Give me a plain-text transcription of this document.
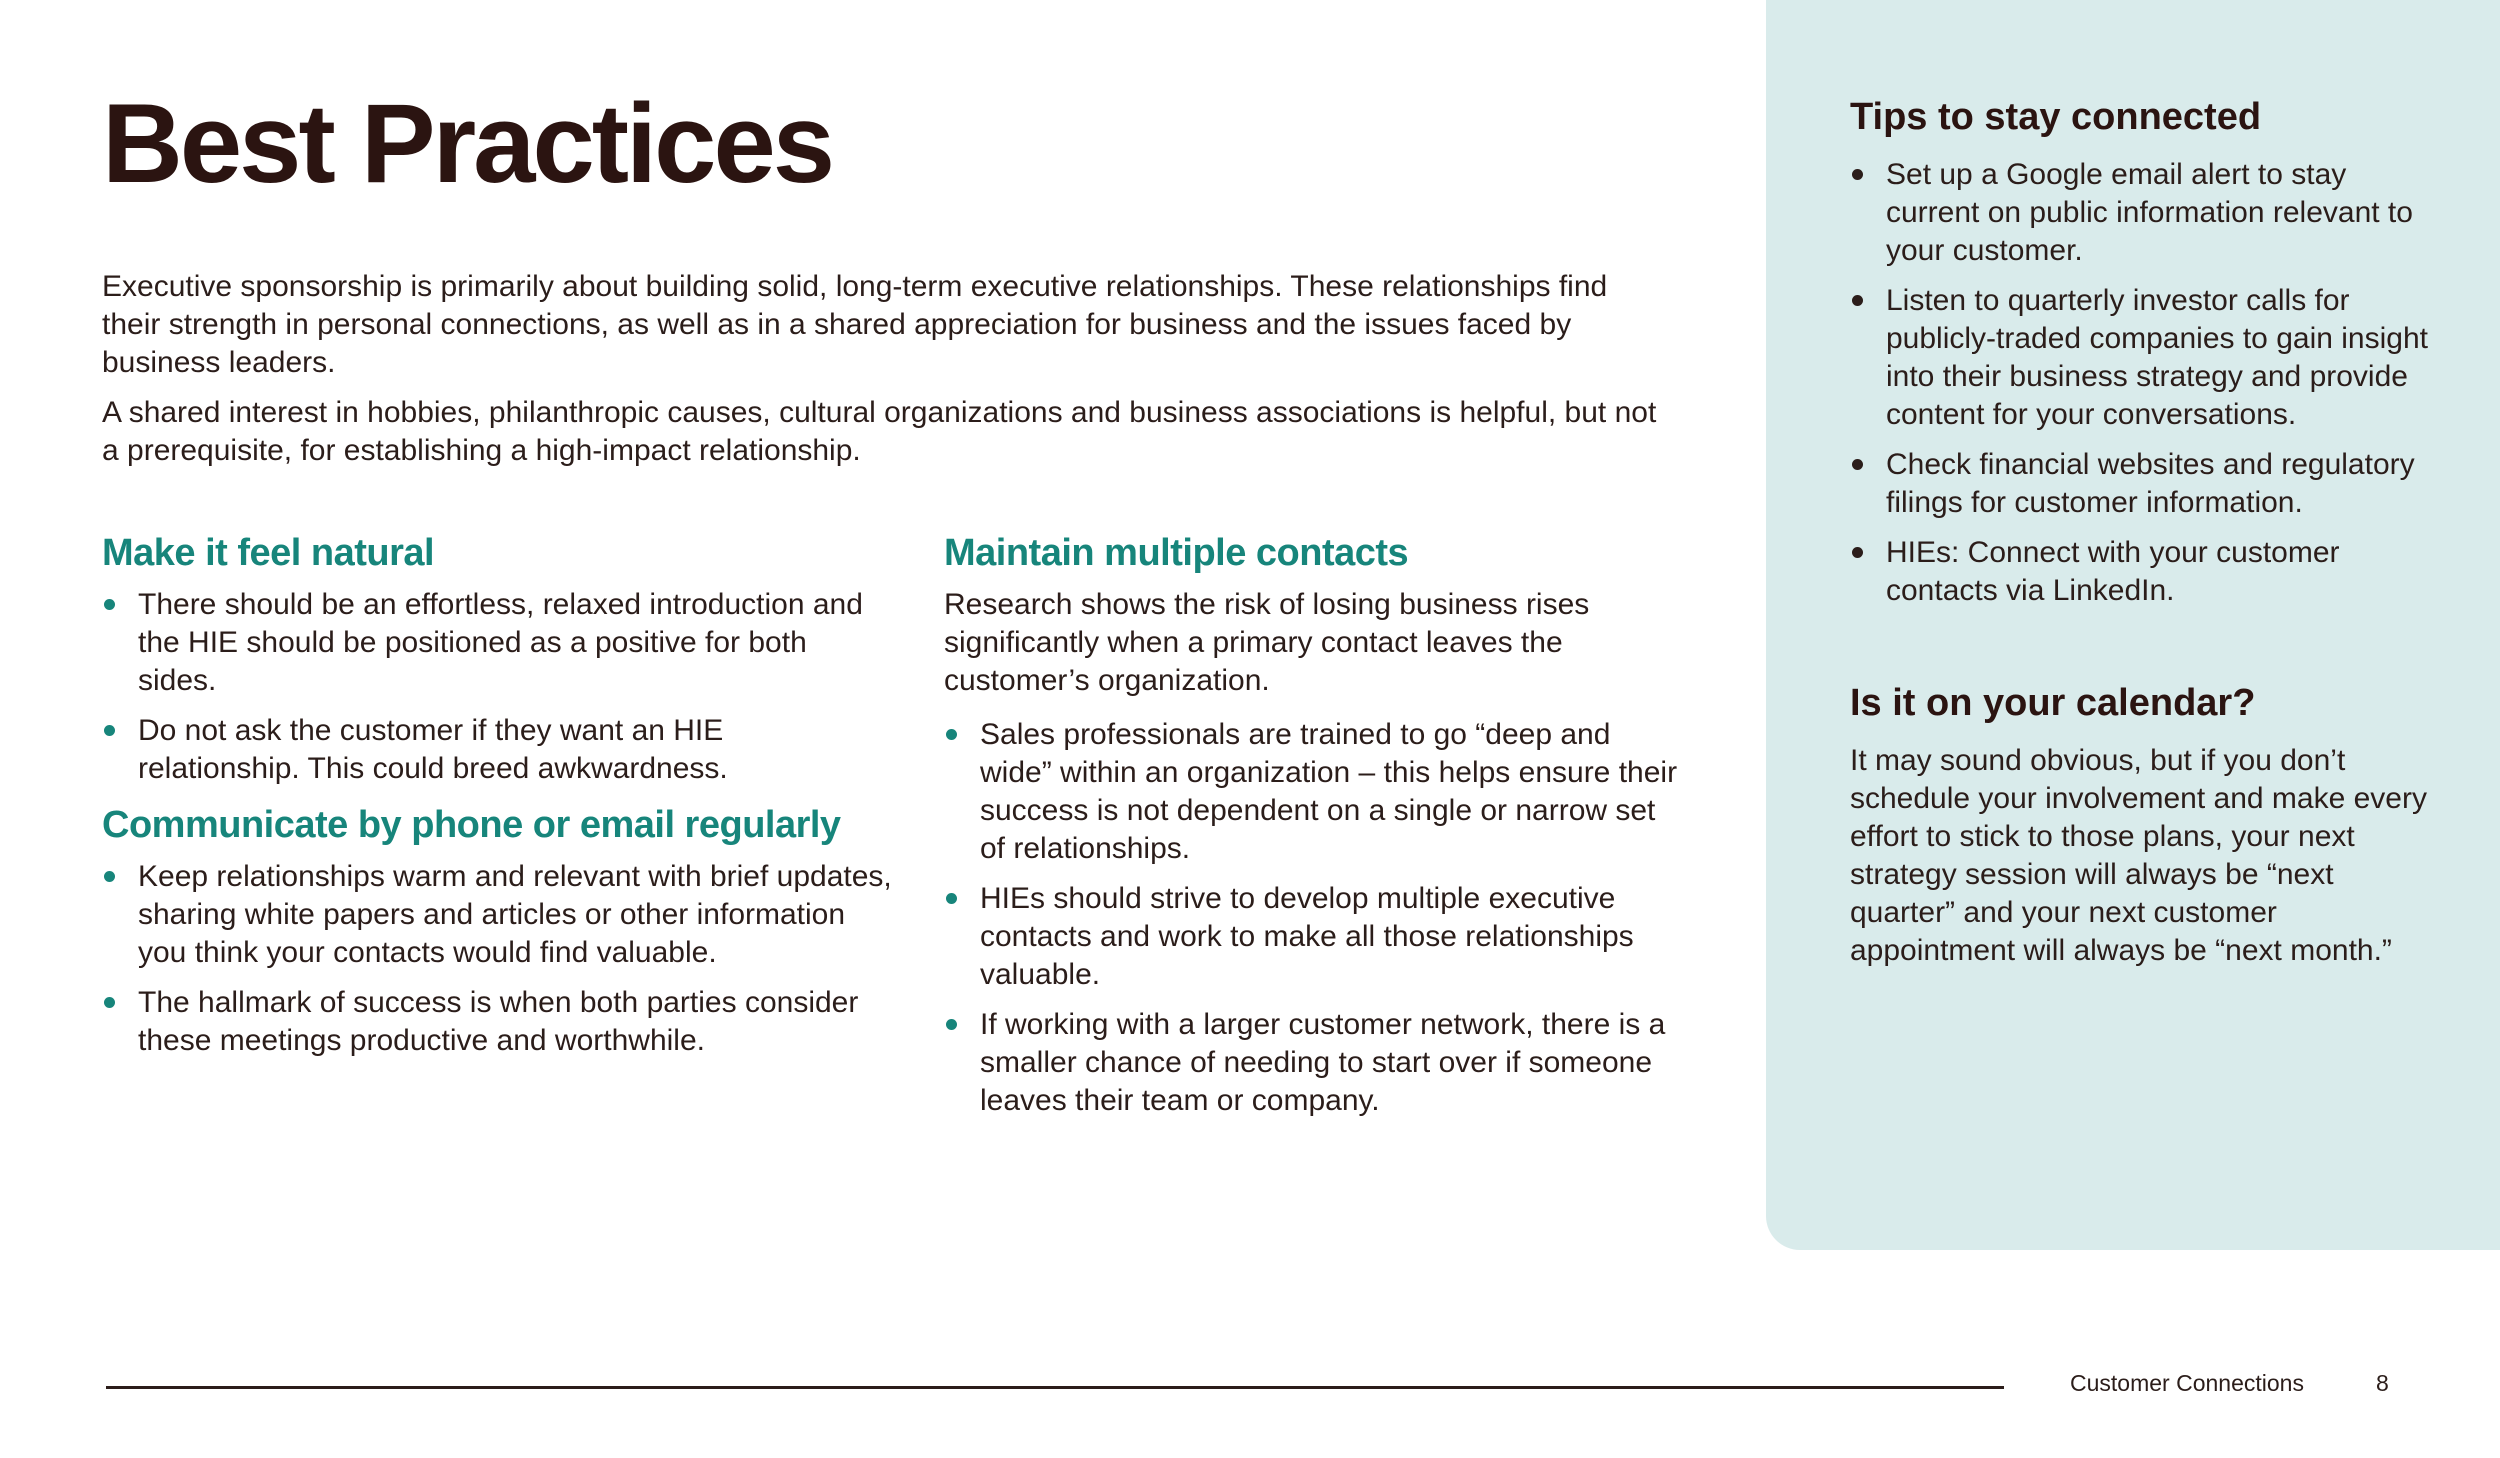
Best Practices

Executive sponsorship is primarily about building solid, long-term executive relationships. These relationships find their strength in personal connections, as well as in a shared appreciation for business and the issues faced by business leaders.

A shared interest in hobbies, philanthropic causes, cultural organizations and business associations is helpful, but not a prerequisite, for establishing a high-impact relationship.

Make it feel natural
There should be an effortless, relaxed introduction and the HIE should be positioned as a positive for both sides.
Do not ask the customer if they want an HIE relationship. This could breed awkwardness.
Communicate by phone or email regularly
Keep relationships warm and relevant with brief updates, sharing white papers and articles or other information you think your contacts would find valuable.
The hallmark of success is when both parties consider these meetings productive and worthwhile.
Maintain multiple contacts

Research shows the risk of losing business rises significantly when a primary contact leaves the customer’s organization.

Sales professionals are trained to go “deep and wide” within an organization – this helps ensure their success is not dependent on a single or narrow set of relationships.
HIEs should strive to develop multiple executive contacts and work to make all those relationships valuable.
If working with a larger customer network, there is a smaller chance of needing to start over if someone leaves their team or company.
Tips to stay connected
Set up a Google email alert to stay current on public information relevant to your customer.
Listen to quarterly investor calls for publicly-traded companies to gain insight into their business strategy and provide content for your conversations.
Check financial websites and regulatory filings for customer information.
HIEs: Connect with your customer contacts via LinkedIn.
Is it on your calendar?

It may sound obvious, but if you don’t schedule your involvement and make every effort to stick to those plans, your next strategy session will always be “next quarter” and your next customer appointment will always be “next month.”

Customer Connections	8
